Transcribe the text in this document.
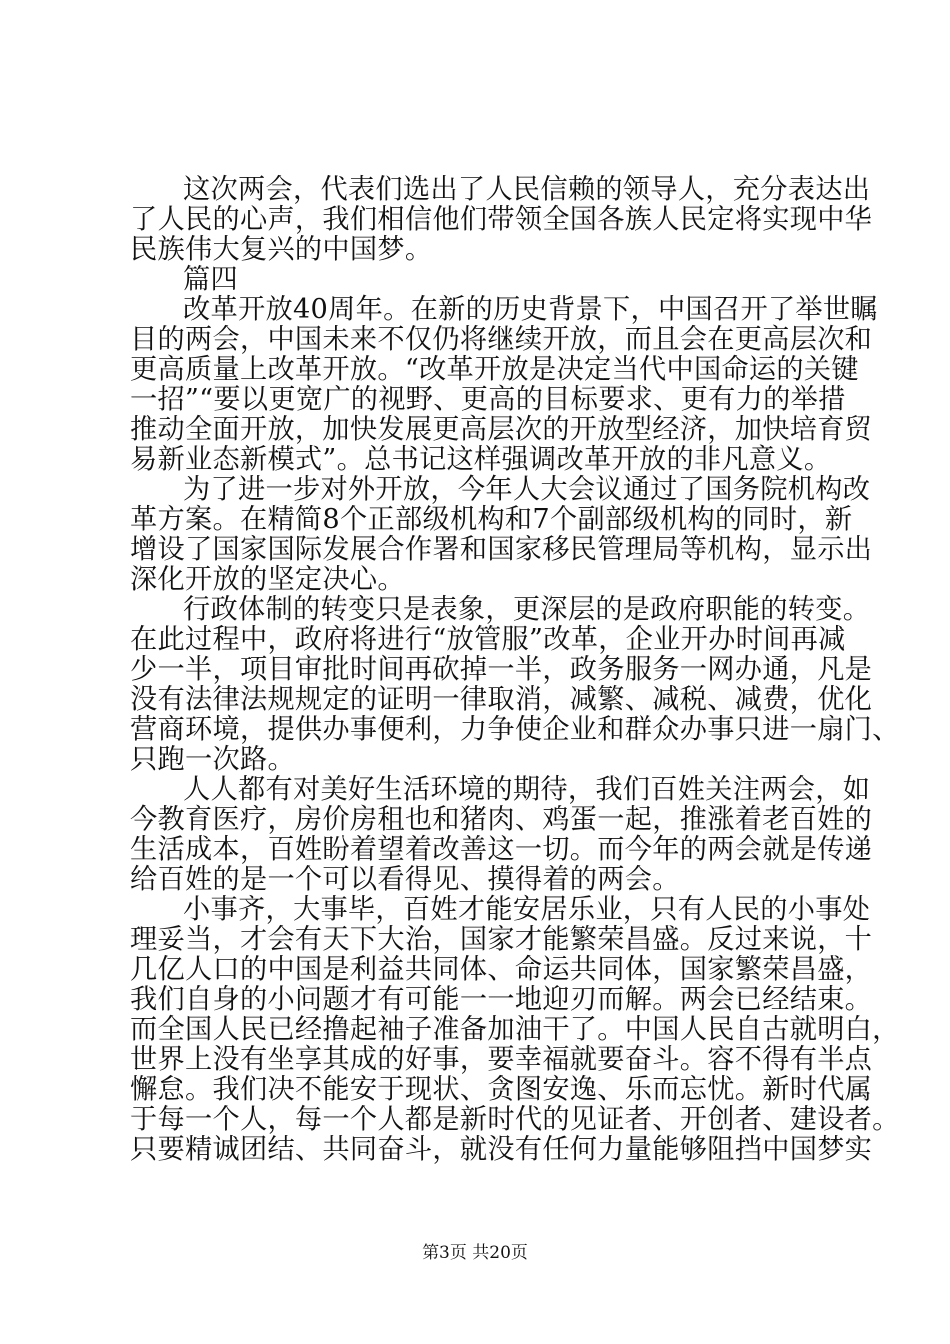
这次两会，代表们选出了人民信赖的领导人，充分表达出
了人民的心声，我们相信他们带领全国各族人民定将实现中华
民族伟大复兴的中国梦。
篇四
改革开放40周年。在新的历史背景下，中国召开了举世瞩
目的两会，中国未来不仅仍将继续开放，而且会在更高层次和
更高质量上改革开放。“改革开放是决定当代中国命运的关键
一招”“要以更宽广的视野、更高的目标要求、更有力的举措
推动全面开放，加快发展更高层次的开放型经济，加快培育贸
易新业态新模式”。总书记这样强调改革开放的非凡意义。
为了进一步对外开放，今年人大会议通过了国务院机构改
革方案。在精简8个正部级机构和7个副部级机构的同时，新
增设了国家国际发展合作署和国家移民管理局等机构，显示出
深化开放的坚定决心。
行政体制的转变只是表象，更深层的是政府职能的转变。
在此过程中，政府将进行“放管服”改革，企业开办时间再减
少一半，项目审批时间再砍掉一半，政务服务一网办通，凡是
没有法律法规规定的证明一律取消，减繁、减税、减费，优化
营商环境，提供办事便利，力争使企业和群众办事只进一扇门、
只跑一次路。
人人都有对美好生活环境的期待，我们百姓关注两会，如
今教育医疗，房价房租也和猪肉、鸡蛋一起，推涨着老百姓的
生活成本，百姓盼着望着改善这一切。而今年的两会就是传递
给百姓的是一个可以看得见、摸得着的两会。
小事齐，大事毕，百姓才能安居乐业，只有人民的小事处
理妥当，才会有天下大治，国家才能繁荣昌盛。反过来说，十
几亿人口的中国是利益共同体、命运共同体，国家繁荣昌盛，
我们自身的小问题才有可能一一地迎刃而解。两会已经结束。
而全国人民已经撸起袖子准备加油干了。中国人民自古就明白，
世界上没有坐享其成的好事，要幸福就要奋斗。容不得有半点
懈怠。我们决不能安于现状、贪图安逸、乐而忘忧。新时代属
于每一个人，每一个人都是新时代的见证者、开创者、建设者。
只要精诚团结、共同奋斗，就没有任何力量能够阻挡中国梦实
第3页 共20页
